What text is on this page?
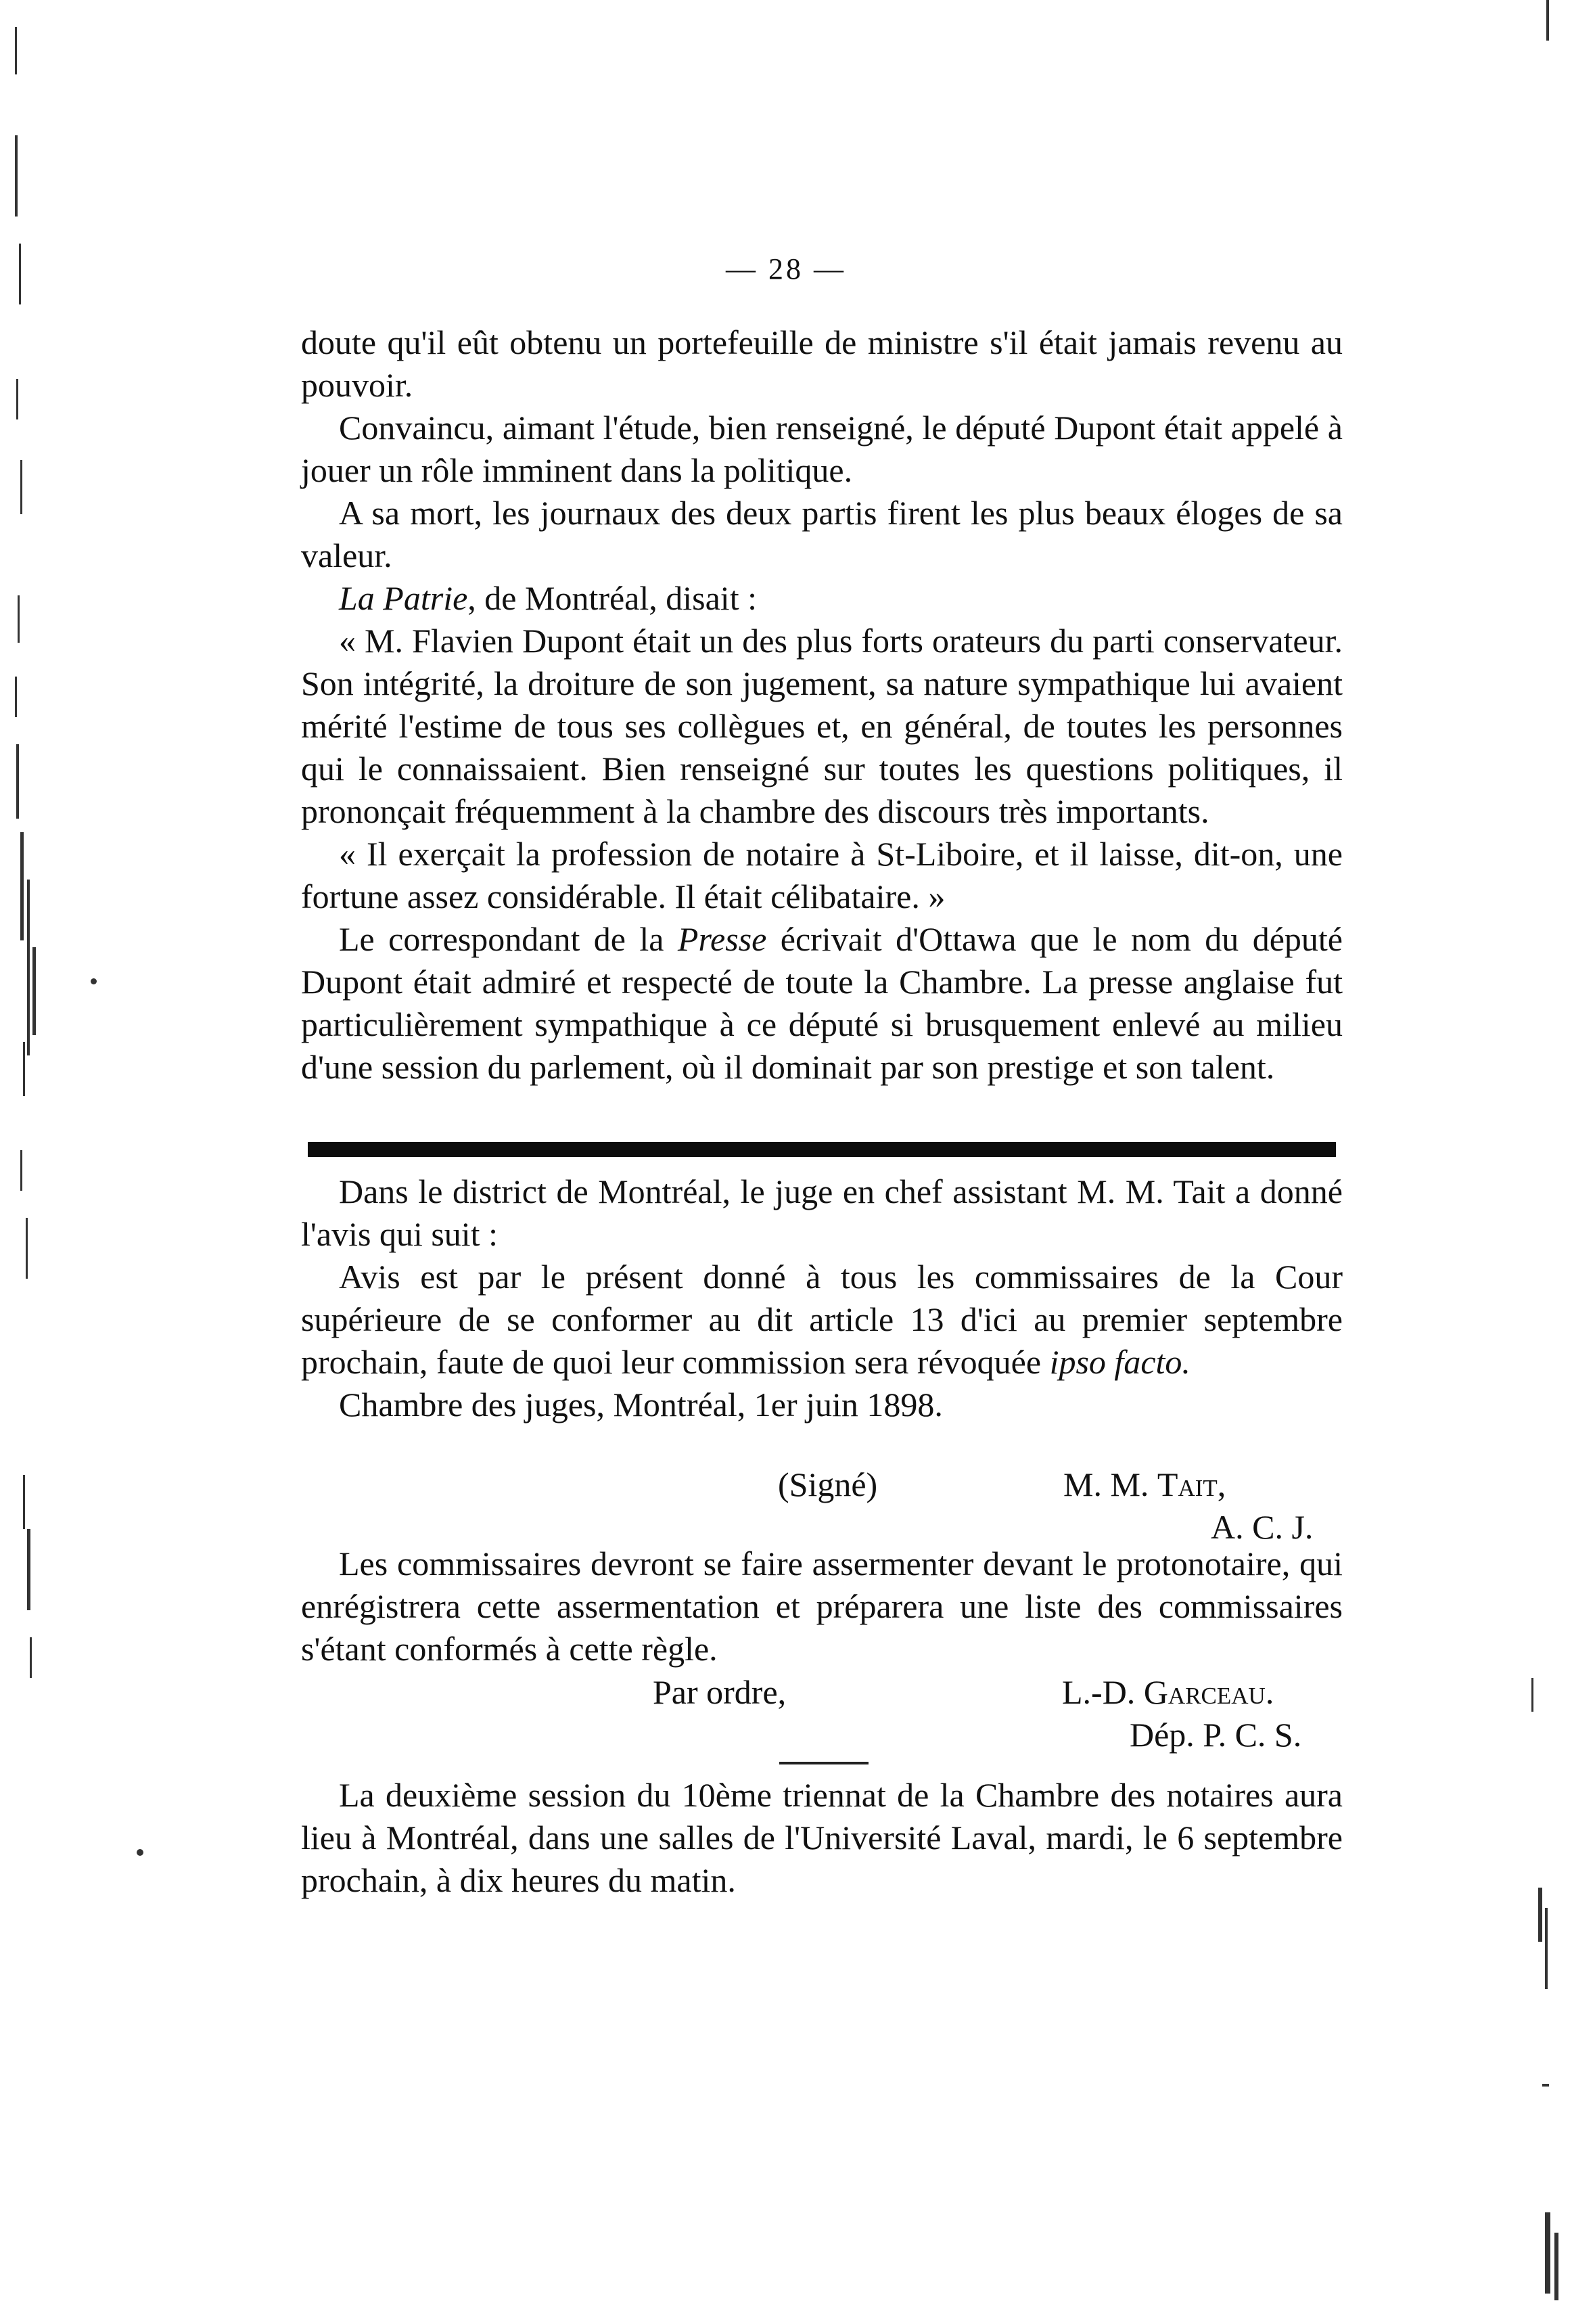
— 28 —

doute qu'il eût obtenu un portefeuille de ministre s'il était jamais revenu au pouvoir.

Convaincu, aimant l'étude, bien renseigné, le député Dupont était appelé à jouer un rôle imminent dans la politique.

A sa mort, les journaux des deux partis firent les plus beaux éloges de sa valeur.

La Patrie, de Montréal, disait :

« M. Flavien Dupont était un des plus forts orateurs du parti conservateur. Son intégrité, la droiture de son jugement, sa nature sympathique lui avaient mérité l'estime de tous ses collègues et, en général, de toutes les personnes qui le connaissaient. Bien renseigné sur toutes les questions politiques, il prononçait fréquemment à la chambre des discours très importants.

« Il exerçait la profession de notaire à St-Liboire, et il laisse, dit-on, une fortune assez considérable. Il était célibataire. »

Le correspondant de la Presse écrivait d'Ottawa que le nom du député Dupont était admiré et respecté de toute la Chambre. La presse anglaise fut particulièrement sympathique à ce député si brusquement enlevé au milieu d'une session du parlement, où il dominait par son prestige et son talent.

Dans le district de Montréal, le juge en chef assistant M. M. Tait a donné l'avis qui suit :

Avis est par le présent donné à tous les commissaires de la Cour supérieure de se conformer au dit article 13 d'ici au premier septembre prochain, faute de quoi leur commission sera révoquée ipso facto.

Chambre des juges, Montréal, 1er juin 1898.

(Signé)	M. M. Tait,
A. C. J.

Les commissaires devront se faire assermenter devant le protonotaire, qui enrégistrera cette assermentation et préparera une liste des commissaires s'étant conformés à cette règle.

Par ordre,	L.-D. Garceau.
Dép. P. C. S.

La deuxième session du 10ème triennat de la Chambre des notaires aura lieu à Montréal, dans une salles de l'Université Laval, mardi, le 6 septembre prochain, à dix heures du matin.
